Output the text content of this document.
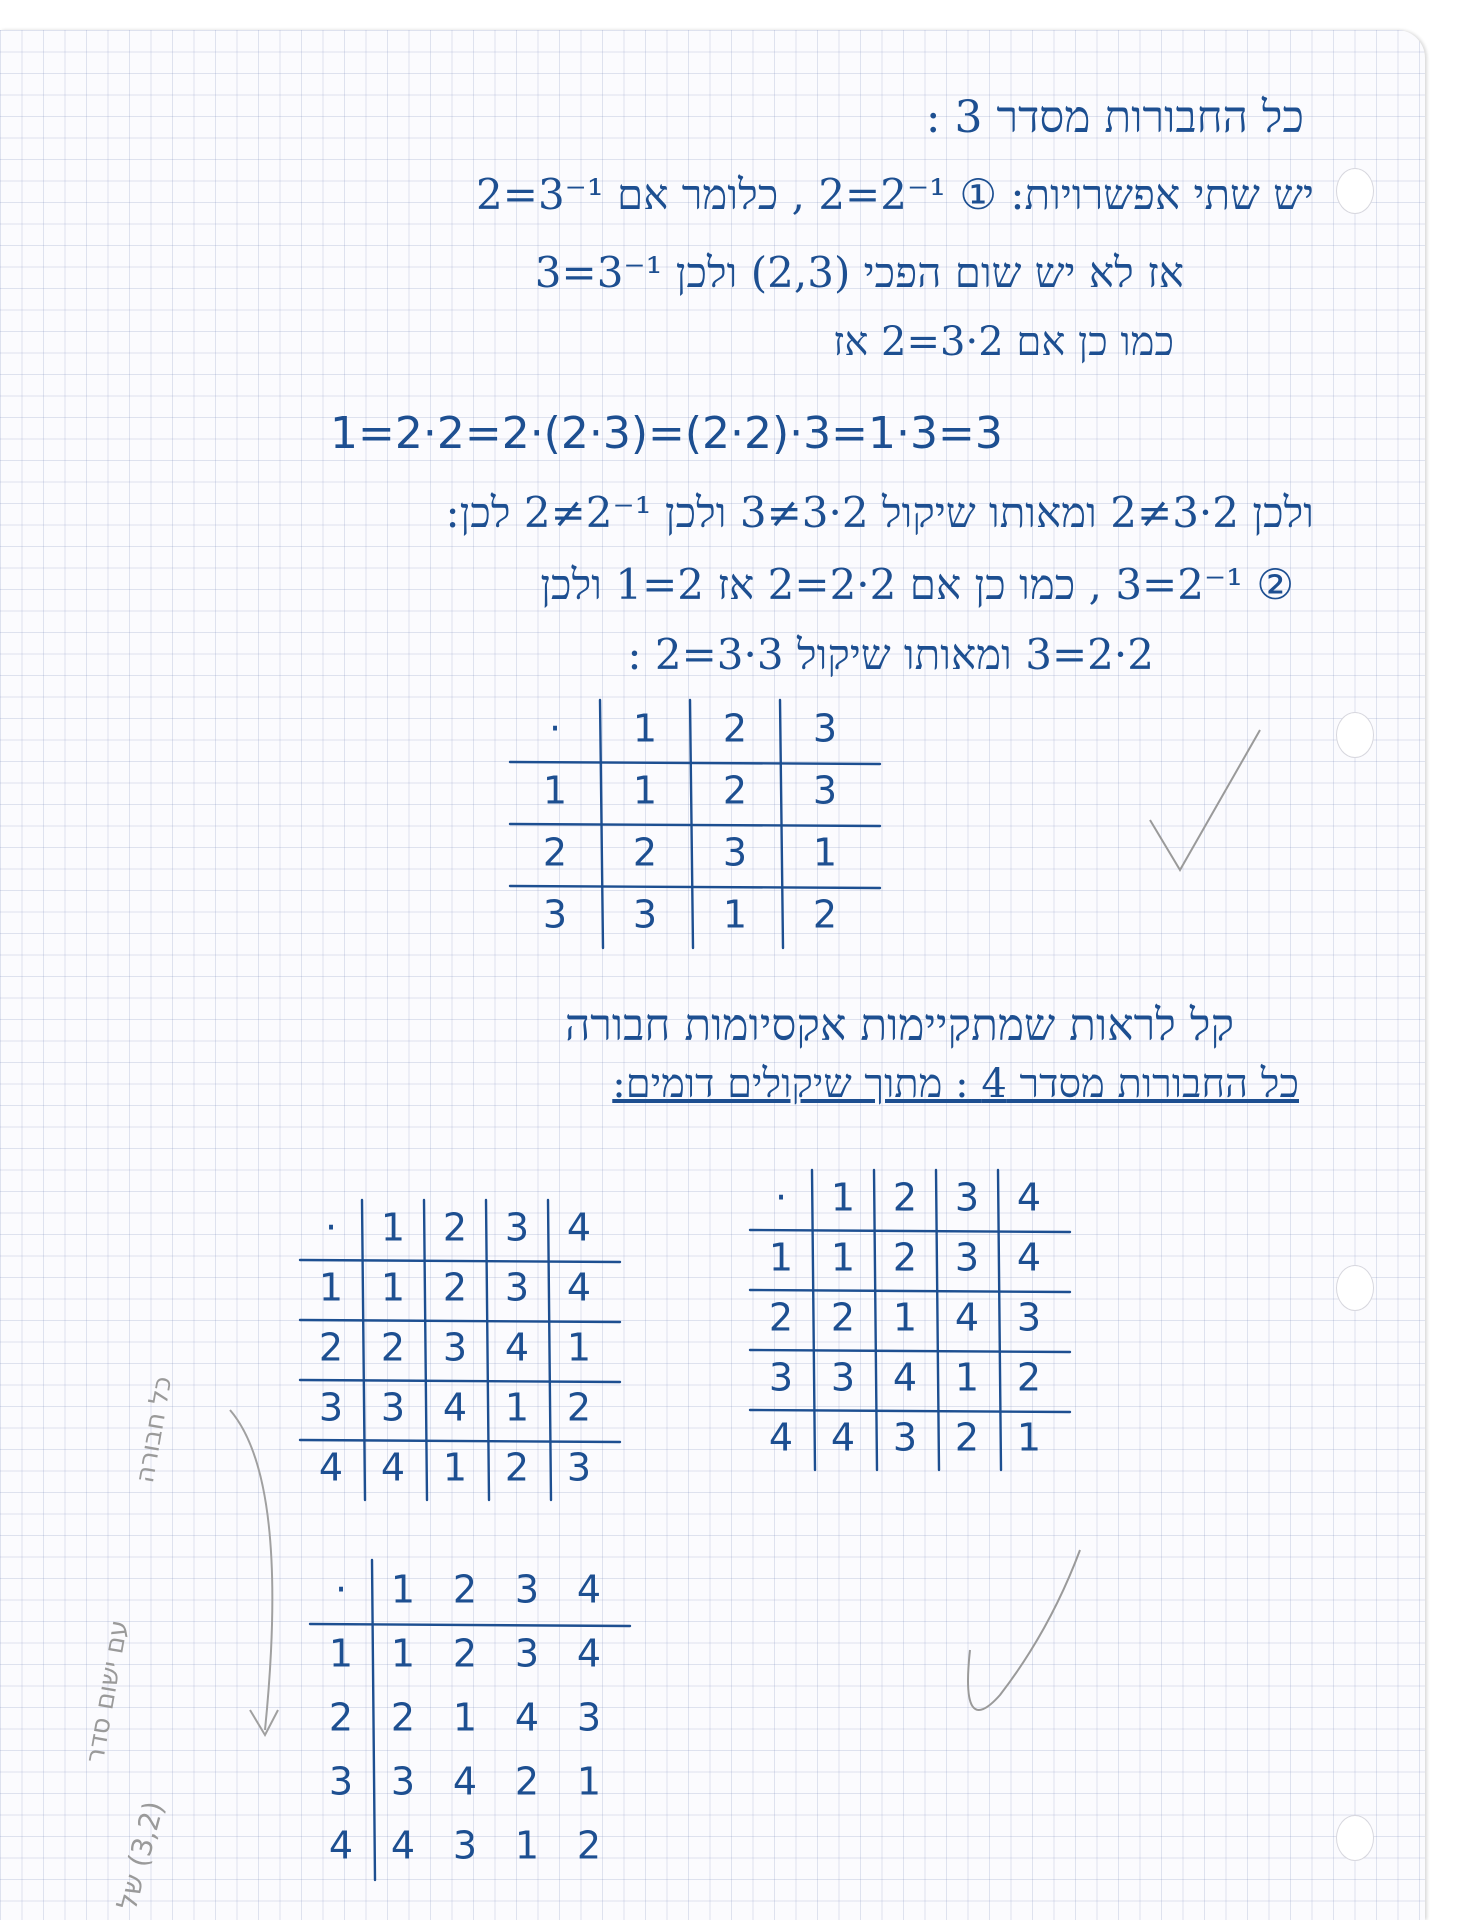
כל החבורות מסדר 3 :
יש שתי אפשרויות: ① 2⁻¹=2 , כלומר אם 3⁻¹=2
אז לא יש שום הפכי (2,3) ולכן 3⁻¹=3
כמו כן אם 2·3=2 אז
1=2·2=2·(2·3)=(2·2)·3=1·3=3
ולכן 2·3≠2 ומאותו שיקול 2·3≠3 ולכן 2⁻¹≠2 לכן:
② 2⁻¹=3 , כמו כן אם 2·2=2 אז 2=1 ולכן
2·2=3 ומאותו שיקול 3·3=2 :
· 1 2 3
1 1 2 3
2 2 3 1
3 3 1 2
קל לראות שמתקיימות אקסיומות חבורה
כל החבורות מסדר 4 : מתוך שיקולים דומים:
· 1 2 3 4
1 1 2 3 4
2 2 3 4 1
3 3 4 1 2
4 4 1 2 3
· 1 2 3 4
1 1 2 3 4
2 2 1 4 3
3 3 4 1 2
4 4 3 2 1
· 1 2 3 4
1 1 2 3 4
2 2 1 4 3
3 3 4 2 1
4 4 3 1 2
כל חבורה
עם ישום סדר
(3,2) של
